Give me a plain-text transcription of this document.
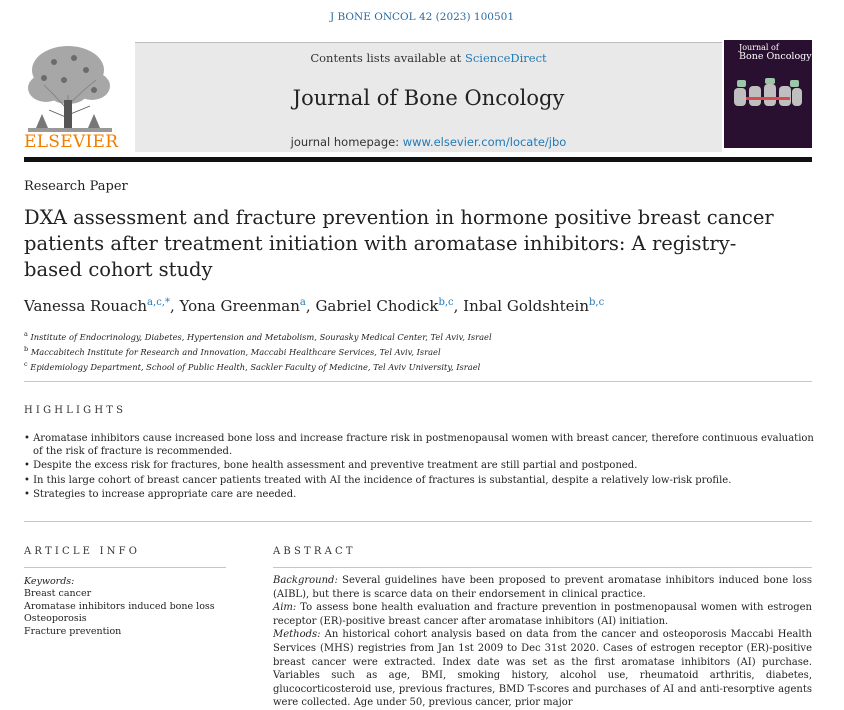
J BONE ONCOL 42 (2023) 100501
ELSEVIER
Contents lists available at ScienceDirect
Journal of Bone Oncology
journal homepage: www.elsevier.com/locate/jbo
Journal of
Bone Oncology
Research Paper
DXA assessment and fracture prevention in hormone positive breast cancer patients after treatment initiation with aromatase inhibitors: A registry-based cohort study
Vanessa Rouach$^{a,c,*}$, Yona Greenman$^a$, Gabriel Chodick$^{b,c}$, Inbal Goldshtein$^{b,c}$
$^a$ Institute of Endocrinology, Diabetes, Hypertension and Metabolism, Sourasky Medical Center, Tel Aviv, Israel
$^b$ Maccabitech Institute for Research and Innovation, Maccabi Healthcare Services, Tel Aviv, Israel
$^c$ Epidemiology Department, School of Public Health, Sackler Faculty of Medicine, Tel Aviv University, Israel
HIGHLIGHTS
• Aromatase inhibitors cause increased bone loss and increase fracture risk in postmenopausal women with breast cancer, therefore continuous evaluation of the risk of fracture is recommended.
• Despite the excess risk for fractures, bone health assessment and preventive treatment are still partial and postponed.
• In this large cohort of breast cancer patients treated with AI the incidence of fractures is substantial, despite a relatively low-risk profile.
• Strategies to increase appropriate care are needed.
ARTICLE INFO	ABSTRACT
Keywords:
Breast cancer
Aromatase inhibitors induced bone loss
Osteoporosis
Fracture prevention

Background: Several guidelines have been proposed to prevent aromatase inhibitors induced bone loss (AIBL), but there is scarce data on their endorsement in clinical practice.

Aim: To assess bone health evaluation and fracture prevention in postmenopausal women with estrogen receptor (ER)-positive breast cancer after aromatase inhibitors (AI) initiation.

Methods: An historical cohort analysis based on data from the cancer and osteoporosis Maccabi Health Services (MHS) registries from Jan 1st 2009 to Dec 31st 2020. Cases of estrogen receptor (ER)-positive breast cancer were extracted. Index date was set as the first aromatase inhibitors (AI) purchase. Variables such as age, BMI, smoking history, alcohol use, rheumatoid arthritis, diabetes, glucocorticosteroid use, previous fractures, BMD T-scores and purchases of AI and anti-resorptive agents were collected. Age under 50, previous cancer, prior major
